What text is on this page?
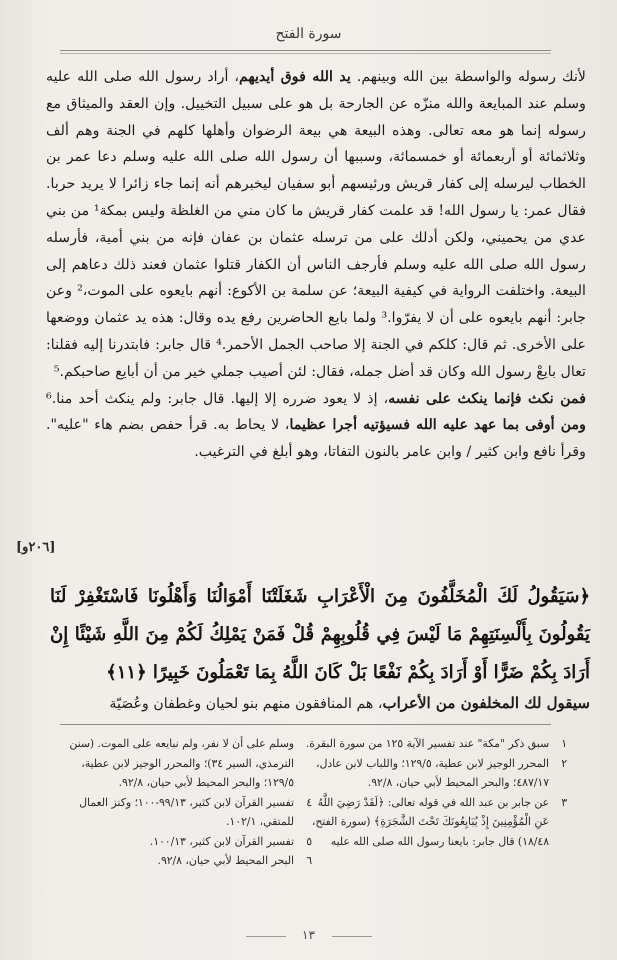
سورة الفتح

لأنك رسوله والواسطة بين الله وبينهم. يد الله فوق أيديهم، أراد رسول الله صلى الله عليه وسلم عند المبايعة والله منزّه عن الجارحة بل هو على سبيل التخييل. وإن العقد والميثاق مع رسوله إنما هو معه تعالى. وهذه البيعة هي بيعة الرضوان وأهلها كلهم في الجنة وهم ألف وثلاثمائة أو أربعمائة أو خمسمائة، وسببها أن رسول الله صلى الله عليه وسلم دعا عمر بن الخطاب ليرسله إلى كفار قريش ورئيسهم أبو سفيان ليخبرهم أنه إنما جاء زائرا لا يريد حربا. فقال عمر: يا رسول الله! قد علمت كفار قريش ما كان مني من الغلظة وليس بمكة¹ من بني عدي من يحميني، ولكن أدلك على من ترسله عثمان بن عفان فإنه من بني أمية، فأرسله رسول الله صلى الله عليه وسلم فأرجف الناس أن الكفار قتلوا عثمان فعند ذلك دعاهم إلى البيعة. واختلفت الرواية في كيفية البيعة؛ عن سلمة بن الأكوع: أنهم بايعوه على الموت،² وعن جابر: أنهم بايعوه على أن لا يفرّوا.³ ولما بايع الحاضرين رفع يده وقال: هذه يد عثمان ووضعها على الأخرى. ثم قال: كلكم في الجنة إلا صاحب الجمل الأحمر.⁴ قال جابر: فابتدرنا إليه فقلنا: تعال بايعْ رسول الله وكان قد أضل جمله، فقال: لئن أصيب جملي خير من أن أبايع صاحبكم.⁵

فمن نكث فإنما ينكث على نفسه، إذ لا يعود ضرره إلا إليها. قال جابر: ولم ينكث أحد منا.⁶ ومن أوفى بما عهد عليه الله فسيؤتيه أجرا عظيما، لا يحاط به. قرأ حفص بضم هاء "عليه". وقرأ نافع وابن كثير / وابن عامر بالنون التفاتا، وهو أبلغ في الترغيب.

[٢٠٦و]

﴿سَيَقُولُ لَكَ الْمُخَلَّفُونَ مِنَ الْأَعْرَابِ شَغَلَتْنَا أَمْوَالُنَا وَأَهْلُونَا فَاسْتَغْفِرْ لَنَا يَقُولُونَ بِأَلْسِنَتِهِمْ مَا لَيْسَ فِي قُلُوبِهِمْ قُلْ فَمَنْ يَمْلِكُ لَكُمْ مِنَ اللَّهِ شَيْئًا إِنْ أَرَادَ بِكُمْ ضَرًّا أَوْ أَرَادَ بِكُمْ نَفْعًا بَلْ كَانَ اللَّهُ بِمَا تَعْمَلُونَ خَبِيرًا ﴿١١﴾

سيقول لك المخلفون من الأعراب، هم المنافقون منهم بنو لحيان وغطفان وعُصَيّة
١
سبق ذكر "مكة" عند تفسير الآية ١٢٥ من سورة البقرة.
٢
المحرر الوجيز لابن عطية، ١٢٩/٥؛ واللباب لابن عادل، ٤٨٧/١٧؛ والبحر المحيط لأبي حيان، ٩٢/٨.
٣
عن جابر بن عبد الله في قوله تعالى: ﴿لَقَدْ رَضِيَ اللَّهُ عَنِ الْمُؤْمِنِينَ إِذْ يُبَايِعُونَكَ تَحْتَ الشَّجَرَةِ﴾ (سورة الفتح، ١٨/٤٨) قال جابر: بايعنا رسول الله صلى الله عليه
وسلم على أن لا نفر، ولم نبايعه على الموت. (سنن الترمذي، السير ٣٤)؛ والمحرر الوجيز لابن عطية، ١٢٩/٥؛ والبحر المحيط لأبي حيان، ٩٢/٨.
٤
تفسير القرآن لابن كثير، ٩٩/١٣-١٠٠؛ وكنز العمال للمتقي، ١٠٢/١.
٥
تفسير القرآن لابن كثير، ١٠٠/١٣.
٦
البحر المحيط لأبي حيان، ٩٢/٨.
١٣
